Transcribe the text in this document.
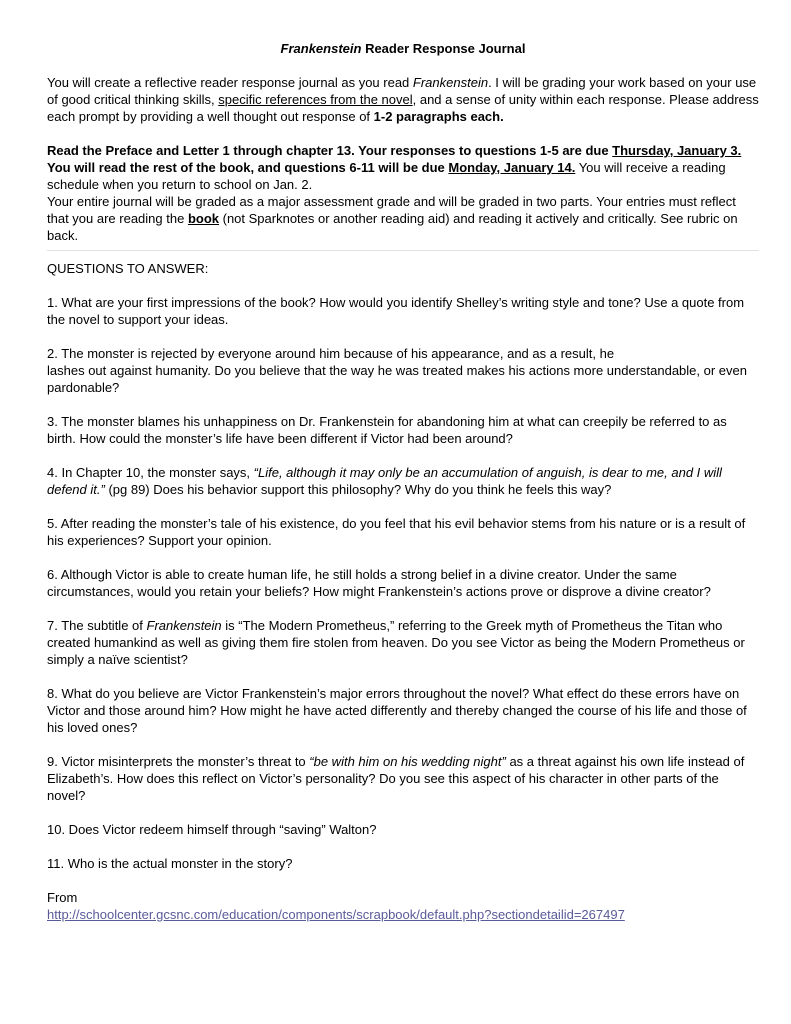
Frankenstein Reader Response Journal

You will create a reflective reader response journal as you read Frankenstein. I will be grading your work based on your use of good critical thinking skills, specific references from the novel, and a sense of unity within each response. Please address each prompt by providing a well thought out response of 1-2 paragraphs each.

Read the Preface and Letter 1 through chapter 13. Your responses to questions 1-5 are due Thursday, January 3. You will read the rest of the book, and questions 6-11 will be due Monday, January 14. You will receive a reading schedule when you return to school on Jan. 2.

Your entire journal will be graded as a major assessment grade and will be graded in two parts. Your entries must reflect that you are reading the book (not Sparknotes or another reading aid) and reading it actively and critically. See rubric on back.

QUESTIONS TO ANSWER:

1. What are your first impressions of the book? How would you identify Shelley’s writing style and tone? Use a quote from the novel to support your ideas.

2. The monster is rejected by everyone around him because of his appearance, and as a result, he
lashes out against humanity. Do you believe that the way he was treated makes his actions more understandable, or even pardonable?

3. The monster blames his unhappiness on Dr. Frankenstein for abandoning him at what can creepily be referred to as birth. How could the monster’s life have been different if Victor had been around?

4. In Chapter 10, the monster says, “Life, although it may only be an accumulation of anguish, is dear to me, and I will defend it.” (pg 89) Does his behavior support this philosophy? Why do you think he feels this way?

5. After reading the monster’s tale of his existence, do you feel that his evil behavior stems from his nature or is a result of his experiences? Support your opinion.

6. Although Victor is able to create human life, he still holds a strong belief in a divine creator. Under the same circumstances, would you retain your beliefs? How might Frankenstein’s actions prove or disprove a divine creator?

7. The subtitle of Frankenstein is “The Modern Prometheus,” referring to the Greek myth of Prometheus the Titan who created humankind as well as giving them fire stolen from heaven. Do you see Victor as being the Modern Prometheus or simply a naïve scientist?

8. What do you believe are Victor Frankenstein’s major errors throughout the novel? What effect do these errors have on Victor and those around him? How might he have acted differently and thereby changed the course of his life and those of his loved ones?

9. Victor misinterprets the monster’s threat to “be with him on his wedding night” as a threat against his own life instead of Elizabeth’s. How does this reflect on Victor’s personality? Do you see this aspect of his character in other parts of the novel?

10. Does Victor redeem himself through “saving” Walton?

11. Who is the actual monster in the story?

From

http://schoolcenter.gcsnc.com/education/components/scrapbook/default.php?sectiondetailid=267497
